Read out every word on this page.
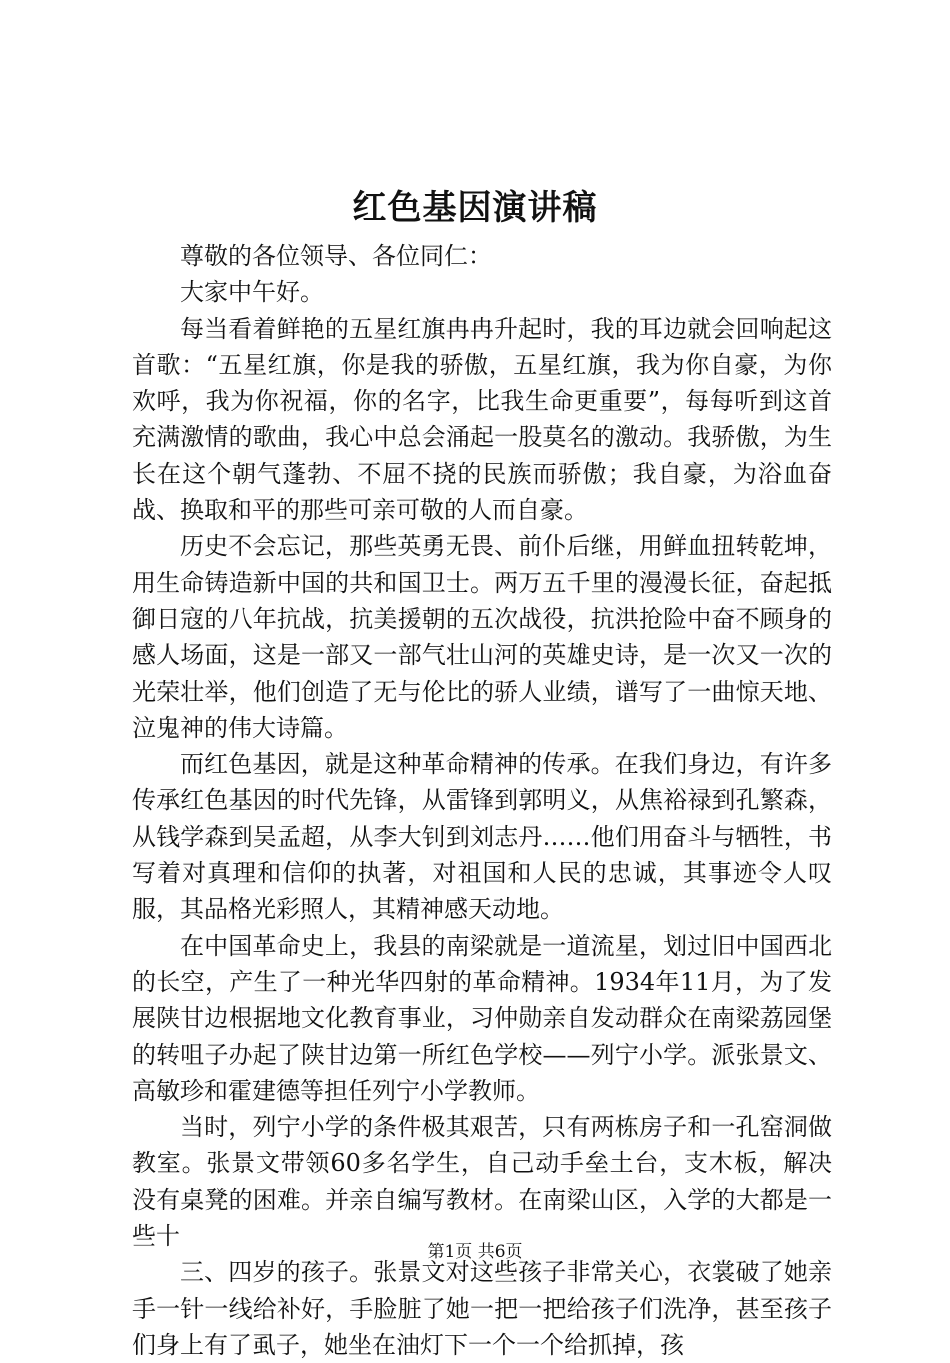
红色基因演讲稿

尊敬的各位领导、各位同仁：

大家中午好。

每当看着鲜艳的五星红旗冉冉升起时，我的耳边就会回响起这首歌：“五星红旗，你是我的骄傲，五星红旗，我为你自豪，为你欢呼，我为你祝福，你的名字，比我生命更重要”，每每听到这首充满激情的歌曲，我心中总会涌起一股莫名的激动。我骄傲，为生长在这个朝气蓬勃、不屈不挠的民族而骄傲；我自豪，为浴血奋战、换取和平的那些可亲可敬的人而自豪。

历史不会忘记，那些英勇无畏、前仆后继，用鲜血扭转乾坤，用生命铸造新中国的共和国卫士。两万五千里的漫漫长征，奋起抵御日寇的八年抗战，抗美援朝的五次战役，抗洪抢险中奋不顾身的感人场面，这是一部又一部气壮山河的英雄史诗，是一次又一次的光荣壮举，他们创造了无与伦比的骄人业绩，谱写了一曲惊天地、泣鬼神的伟大诗篇。

而红色基因，就是这种革命精神的传承。在我们身边，有许多传承红色基因的时代先锋，从雷锋到郭明义，从焦裕禄到孔繁森，从钱学森到吴孟超，从李大钊到刘志丹……他们用奋斗与牺牲，书写着对真理和信仰的执著，对祖国和人民的忠诚，其事迹令人叹服，其品格光彩照人，其精神感天动地。

在中国革命史上，我县的南梁就是一道流星，划过旧中国西北的长空，产生了一种光华四射的革命精神。1934年11月，为了发展陕甘边根据地文化教育事业，习仲勋亲自发动群众在南梁荔园堡的转咀子办起了陕甘边第一所红色学校——列宁小学。派张景文、高敏珍和霍建德等担任列宁小学教师。

当时，列宁小学的条件极其艰苦，只有两栋房子和一孔窑洞做教室。张景文带领60多名学生，自己动手垒土台，支木板，解决没有桌凳的困难。并亲自编写教材。在南梁山区，入学的大都是一些十

三、四岁的孩子。张景文对这些孩子非常关心，衣裳破了她亲手一针一线给补好，手脸脏了她一把一把给孩子们洗净，甚至孩子们身上有了虱子，她坐在油灯下一个一个给抓掉，孩

第1页 共6页
